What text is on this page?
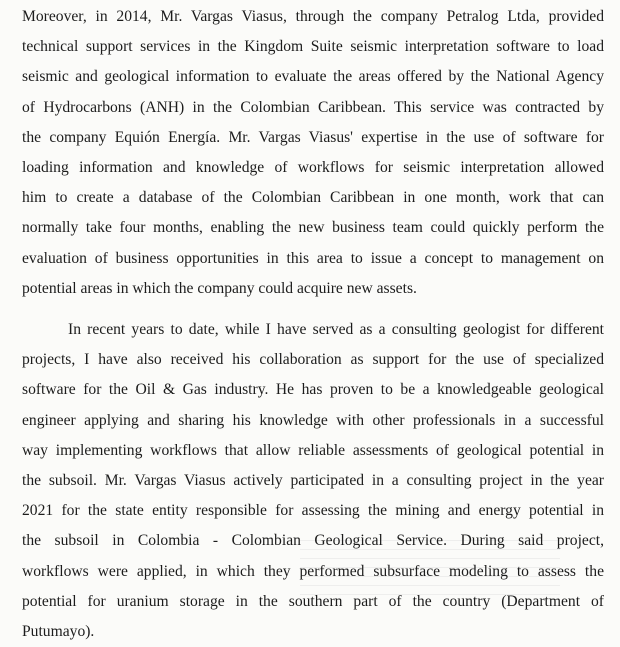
Moreover, in 2014, Mr. Vargas Viasus, through the company Petralog Ltda, provided
technical support services in the Kingdom Suite seismic interpretation software to load
seismic and geological information to evaluate the areas offered by the National Agency
of Hydrocarbons (ANH) in the Colombian Caribbean. This service was contracted by
the company Equión Energía. Mr. Vargas Viasus' expertise in the use of software for
loading information and knowledge of workflows for seismic interpretation allowed
him to create a database of the Colombian Caribbean in one month, work that can
normally take four months, enabling the new business team could quickly perform the
evaluation of business opportunities in this area to issue a concept to management on
potential areas in which the company could acquire new assets.

In recent years to date, while I have served as a consulting geologist for different
projects, I have also received his collaboration as support for the use of specialized
software for the Oil & Gas industry. He has proven to be a knowledgeable geological
engineer applying and sharing his knowledge with other professionals in a successful
way implementing workflows that allow reliable assessments of geological potential in
the subsoil. Mr. Vargas Viasus actively participated in a consulting project in the year
2021 for the state entity responsible for assessing the mining and energy potential in
the subsoil in Colombia - Colombian Geological Service. During said project,
workflows were applied, in which they performed subsurface modeling to assess the
potential for uranium storage in the southern part of the country (Department of
Putumayo).
